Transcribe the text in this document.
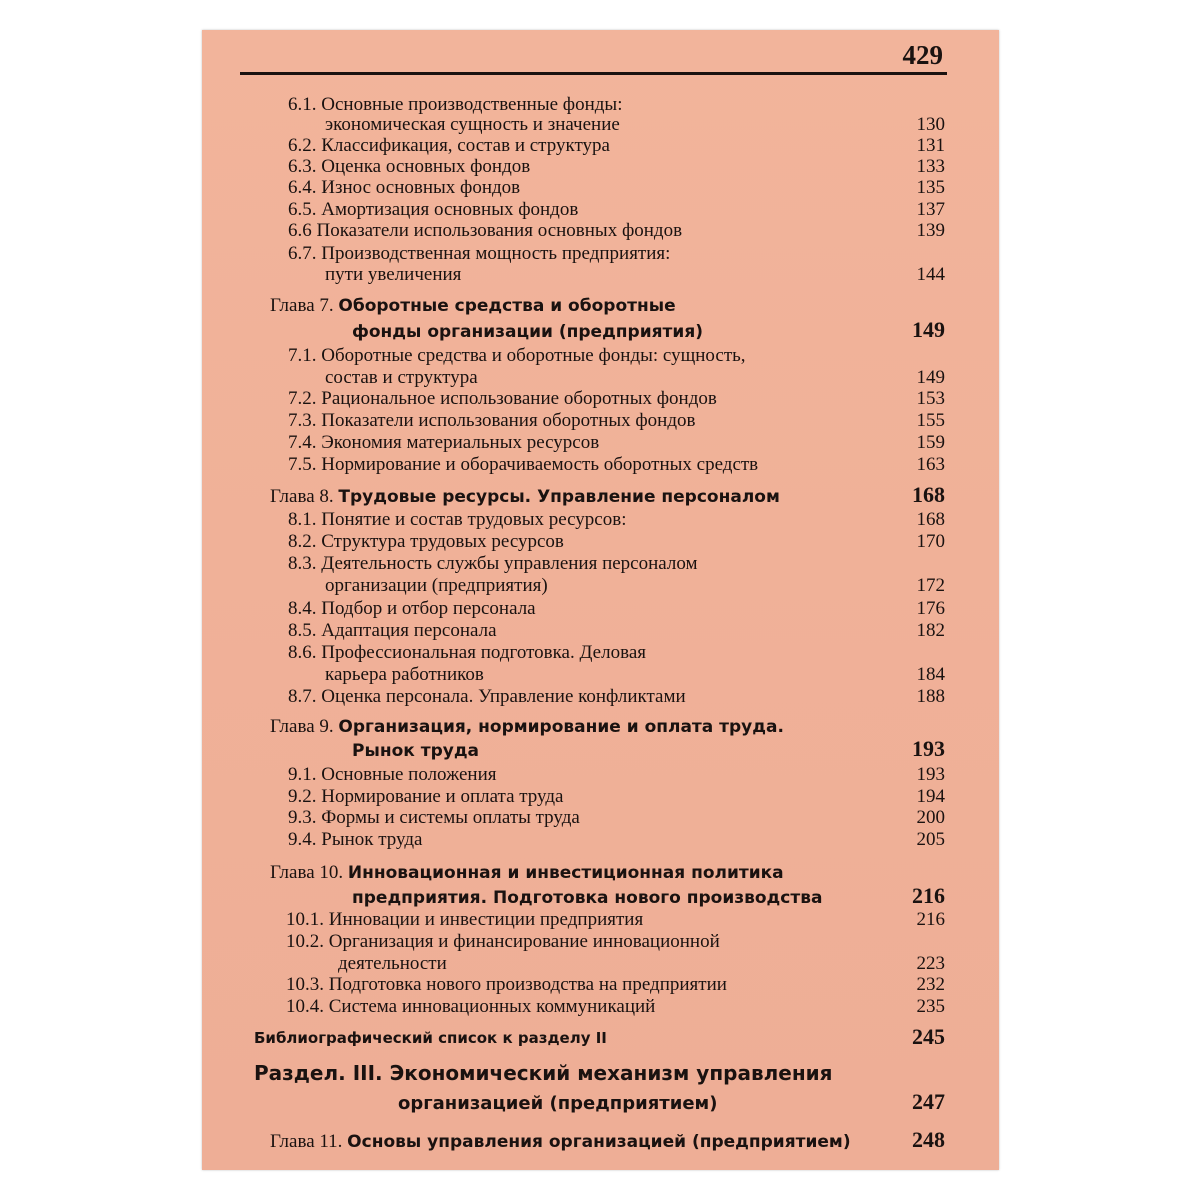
429
6.1. Основные производственные фонды:
экономическая сущность и значение	130
6.2. Классификация, состав и структура	131
6.3. Оценка основных фондов	133
6.4. Износ основных фондов	135
6.5. Амортизация основных фондов	137
6.6 Показатели использования основных фондов	139
6.7. Производственная мощность предприятия:
пути увеличения	144
Глава 7. Оборотные средства и оборотные
фонды организации (предприятия)	149
7.1. Оборотные средства и оборотные фонды: сущность,
состав и структура	149
7.2. Рациональное использование оборотных фондов	153
7.3. Показатели использования оборотных фондов	155
7.4. Экономия материальных ресурсов	159
7.5. Нормирование и оборачиваемость оборотных средств	163
Глава 8. Трудовые ресурсы. Управление персоналом	168
8.1. Понятие и состав трудовых ресурсов:	168
8.2. Структура трудовых ресурсов	170
8.3. Деятельность службы управления персоналом
организации (предприятия)	172
8.4. Подбор и отбор персонала	176
8.5. Адаптация персонала	182
8.6. Профессиональная подготовка. Деловая
карьера работников	184
8.7. Оценка персонала. Управление конфликтами	188
Глава 9. Организация, нормирование и оплата труда.
Рынок труда	193
9.1. Основные положения	193
9.2. Нормирование и оплата труда	194
9.3. Формы и системы оплаты труда	200
9.4. Рынок труда	205
Глава 10. Инновационная и инвестиционная политика
предприятия. Подготовка нового производства	216
10.1. Инновации и инвестиции предприятия	216
10.2. Организация и финансирование инновационной
деятельности	223
10.3. Подготовка нового производства на предприятии	232
10.4. Система инновационных коммуникаций	235
Библиографический список к разделу II	245
Раздел. III. Экономический механизм управления
организацией (предприятием)	247
Глава 11. Основы управления организацией (предприятием)	248
